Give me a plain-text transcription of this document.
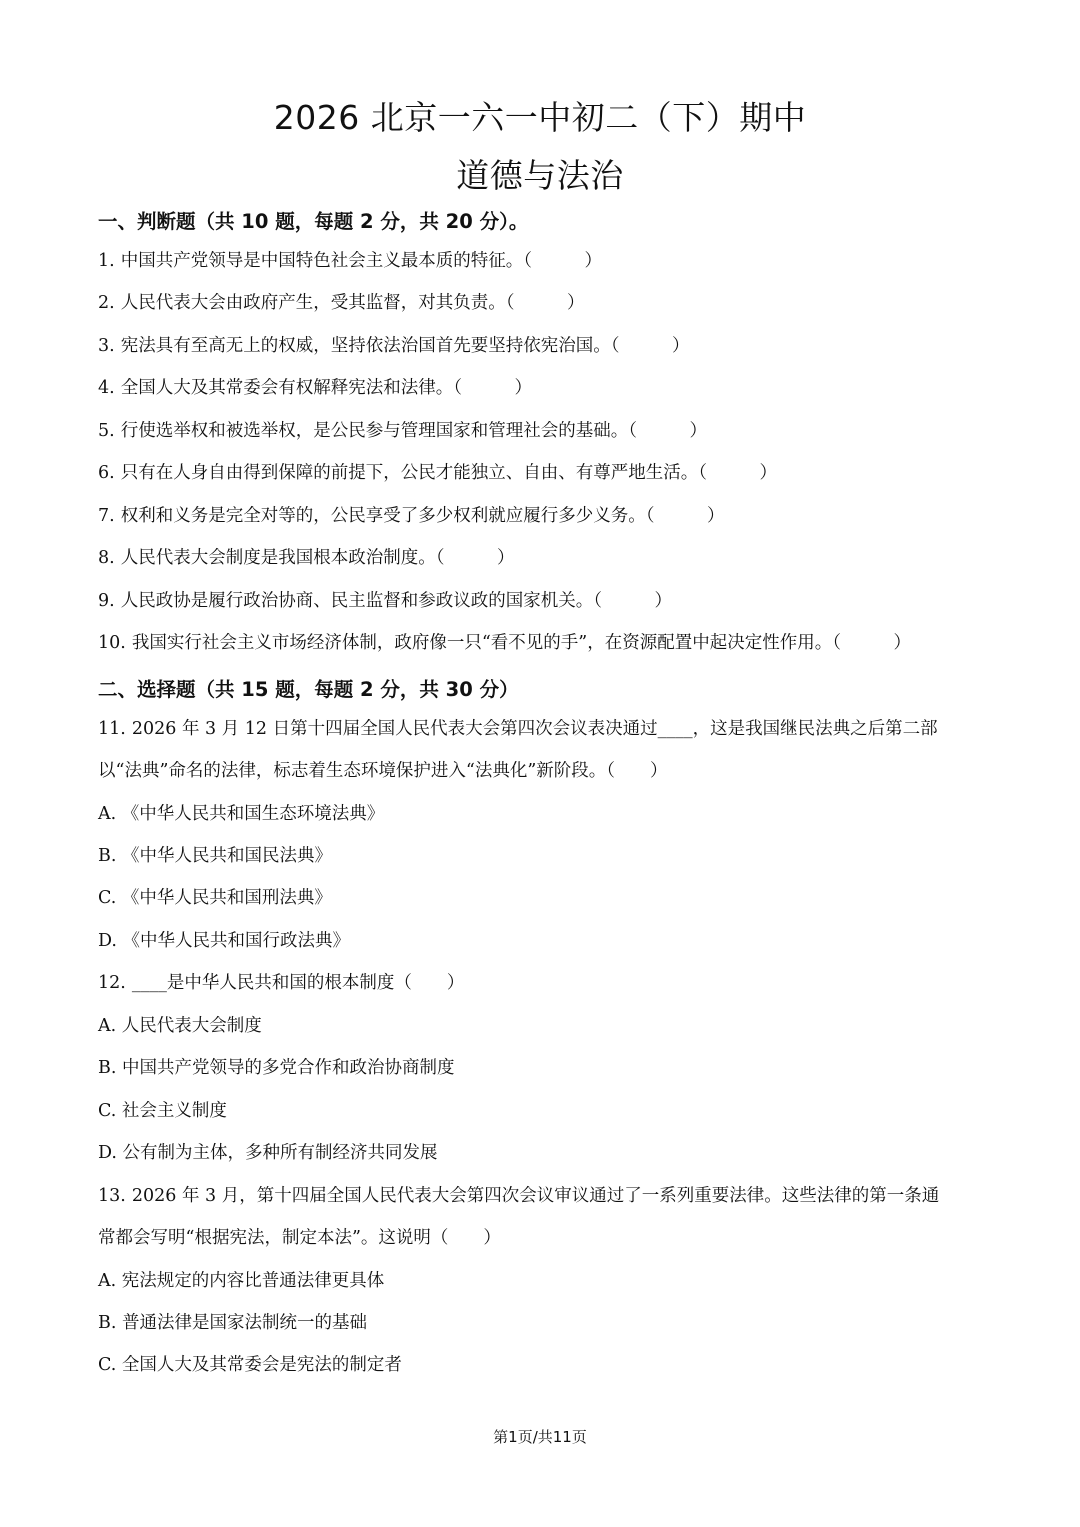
2026 北京一六一中初二（下）期中
道德与法治
一、判断题（共 10 题，每题 2 分，共 20 分）。
1. 中国共产党领导是中国特色社会主义最本质的特征。（　　　）
2. 人民代表大会由政府产生，受其监督，对其负责。（　　　）
3. 宪法具有至高无上的权威，坚持依法治国首先要坚持依宪治国。（　　　）
4. 全国人大及其常委会有权解释宪法和法律。（　　　）
5. 行使选举权和被选举权，是公民参与管理国家和管理社会的基础。（　　　）
6. 只有在人身自由得到保障的前提下，公民才能独立、自由、有尊严地生活。（　　　）
7. 权利和义务是完全对等的，公民享受了多少权利就应履行多少义务。（　　　）
8. 人民代表大会制度是我国根本政治制度。（　　　）
9. 人民政协是履行政治协商、民主监督和参政议政的国家机关。（　　　）
10. 我国实行社会主义市场经济体制，政府像一只“看不见的手”，在资源配置中起决定性作用。（　　　）
二、选择题（共 15 题，每题 2 分，共 30 分）
11. 2026 年 3 月 12 日第十四届全国人民代表大会第四次会议表决通过____，这是我国继民法典之后第二部
以“法典”命名的法律，标志着生态环境保护进入“法典化”新阶段。（　　）
A. 《中华人民共和国生态环境法典》
B. 《中华人民共和国民法典》
C. 《中华人民共和国刑法典》
D. 《中华人民共和国行政法典》
12. ____是中华人民共和国的根本制度（　　）
A. 人民代表大会制度
B. 中国共产党领导的多党合作和政治协商制度
C. 社会主义制度
D. 公有制为主体，多种所有制经济共同发展
13. 2026 年 3 月，第十四届全国人民代表大会第四次会议审议通过了一系列重要法律。这些法律的第一条通
常都会写明“根据宪法，制定本法”。这说明（　　）
A. 宪法规定的内容比普通法律更具体
B. 普通法律是国家法制统一的基础
C. 全国人大及其常委会是宪法的制定者
第1页/共11页
